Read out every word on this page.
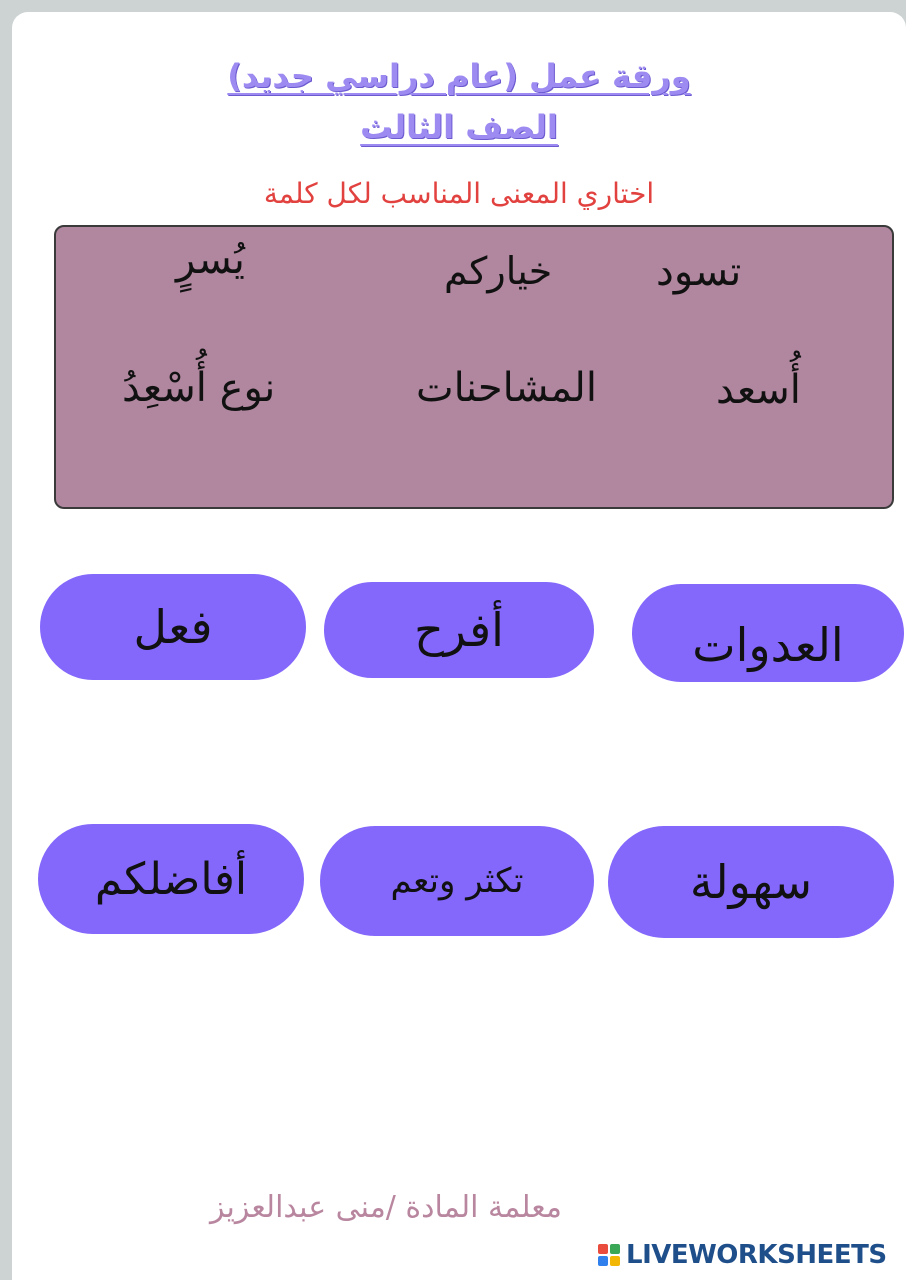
ورقة عمل (عام دراسي جديد)
الصف الثالث
اختاري المعنى المناسب لكل كلمة
تسود
خياركم
يُسرٍ
أُسعد
المشاحنات
نوع أُسْعِدُ
العدوات
أفرح
فعل
سهولة
تكثر وتعم
أفاضلكم
معلمة المادة /منى عبدالعزيز
LIVEWORKSHEETS
